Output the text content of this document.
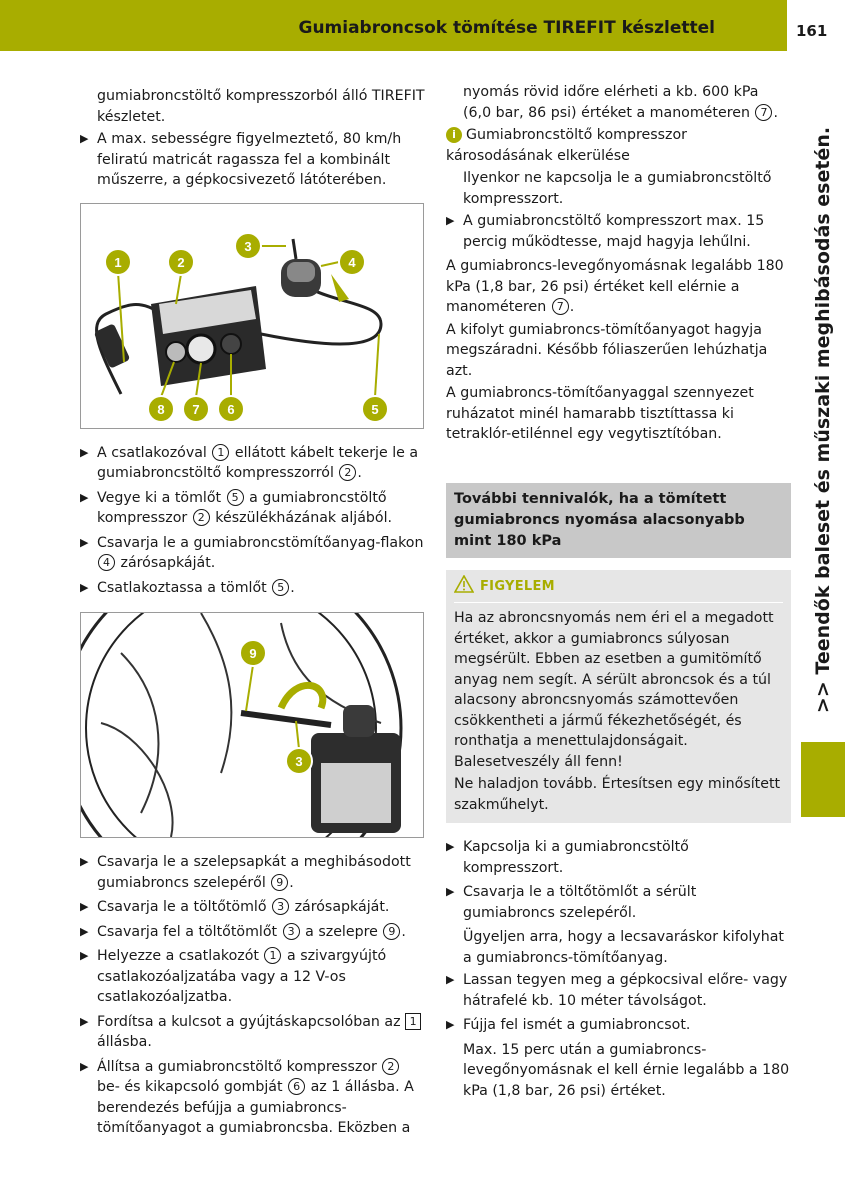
Gumiabroncsok tömítése TIREFIT készlettel	161
>> Teendők baleset és műszaki meghibásodás esetén.

gumiabroncstöltő kompresszorból álló TIREFIT készletet.

▶ A max. sebességre figyelmeztető, 80 km/h feliratú matricát ragassza fel a kombinált műszerre, a gépkocsivezető látóterében.
1	2
3
4
5
6
7
8
▶ A csatlakozóval 1 ellátott kábelt tekerje le a gumiabroncstöltő kompresszorról 2 .
▶ Vegye ki a tömlőt 5 a gumiabroncstöltő kompresszor 2 készülékházának aljából.
▶ Csavarja le a gumiabroncstömítőanyag-flakon 4 zárósapkáját.
▶ Csatlakoztassa a tömlőt 5 .
9
3
▶ Csavarja le a szelepsapkát a meghibásodott gumiabroncs szelepéről 9 .
▶ Csavarja le a töltőtömlő 3 zárósapkáját.
▶ Csavarja fel a töltőtömlőt 3 a szelepre 9 .
▶ Helyezze a csatlakozót 1 a szivargyújtó csatlakozóaljzatába vagy a 12 V-os csatlakozóaljzatba.
▶ Fordítsa a kulcsot a gyújtáskapcsolóban az 1 állásba.
▶ Állítsa a gumiabroncstöltő kompresszor 2 be- és kikapcsoló gombját 6 az 1 állásba. A berendezés befújja a gumiabroncs-tömítőanyagot a gumiabroncsba. Eközben a

nyomás rövid időre elérheti a kb. 600 kPa (6,0 bar, 86 psi) értéket a manométeren 7 .

i Gumiabroncstöltő kompresszor károsodásának elkerülése

Ilyenkor ne kapcsolja le a gumiabroncstöltő kompresszort.

▶ A gumiabroncstöltő kompresszort max. 15 percig működtesse, majd hagyja lehűlni.

A gumiabroncs-levegőnyomásnak legalább 180 kPa (1,8 bar, 26 psi) értéket kell elérnie a manométeren 7 .

A kifolyt gumiabroncs-tömítőanyagot hagyja megszáradni. Később fóliaszerűen lehúzhatja azt.

A gumiabroncs-tömítőanyaggal szennyezet ruházatot minél hamarabb tisztíttassa ki tetraklór-etilénnel egy vegytisztítóban.

További tennivalók, ha a tömített gumiabroncs nyomása alacsonyabb mint 180 kPa
FIGYELEM

Ha az abroncsnyomás nem éri el a megadott értéket, akkor a gumiabroncs súlyosan megsérült. Ebben az esetben a gumitömítő anyag nem segít. A sérült abroncsok és a túl alacsony abroncsnyomás számottevően csökkentheti a jármű fékezhetőségét, és ronthatja a menettulajdonságait. Balesetveszély áll fenn!

Ne haladjon tovább. Értesítsen egy minősített szakműhelyt.

▶ Kapcsolja ki a gumiabroncstöltő kompresszort.
▶ Csavarja le a töltőtömlőt a sérült gumiabroncs szelepéről.

Ügyeljen arra, hogy a lecsavaráskor kifolyhat a gumiabroncs-tömítőanyag.

▶ Lassan tegyen meg a gépkocsival előre- vagy hátrafelé kb. 10 méter távolságot.
▶ Fújja fel ismét a gumiabroncsot.

Max. 15 perc után a gumiabroncs-levegőnyomásnak el kell érnie legalább a 180 kPa (1,8 bar, 26 psi) értéket.
